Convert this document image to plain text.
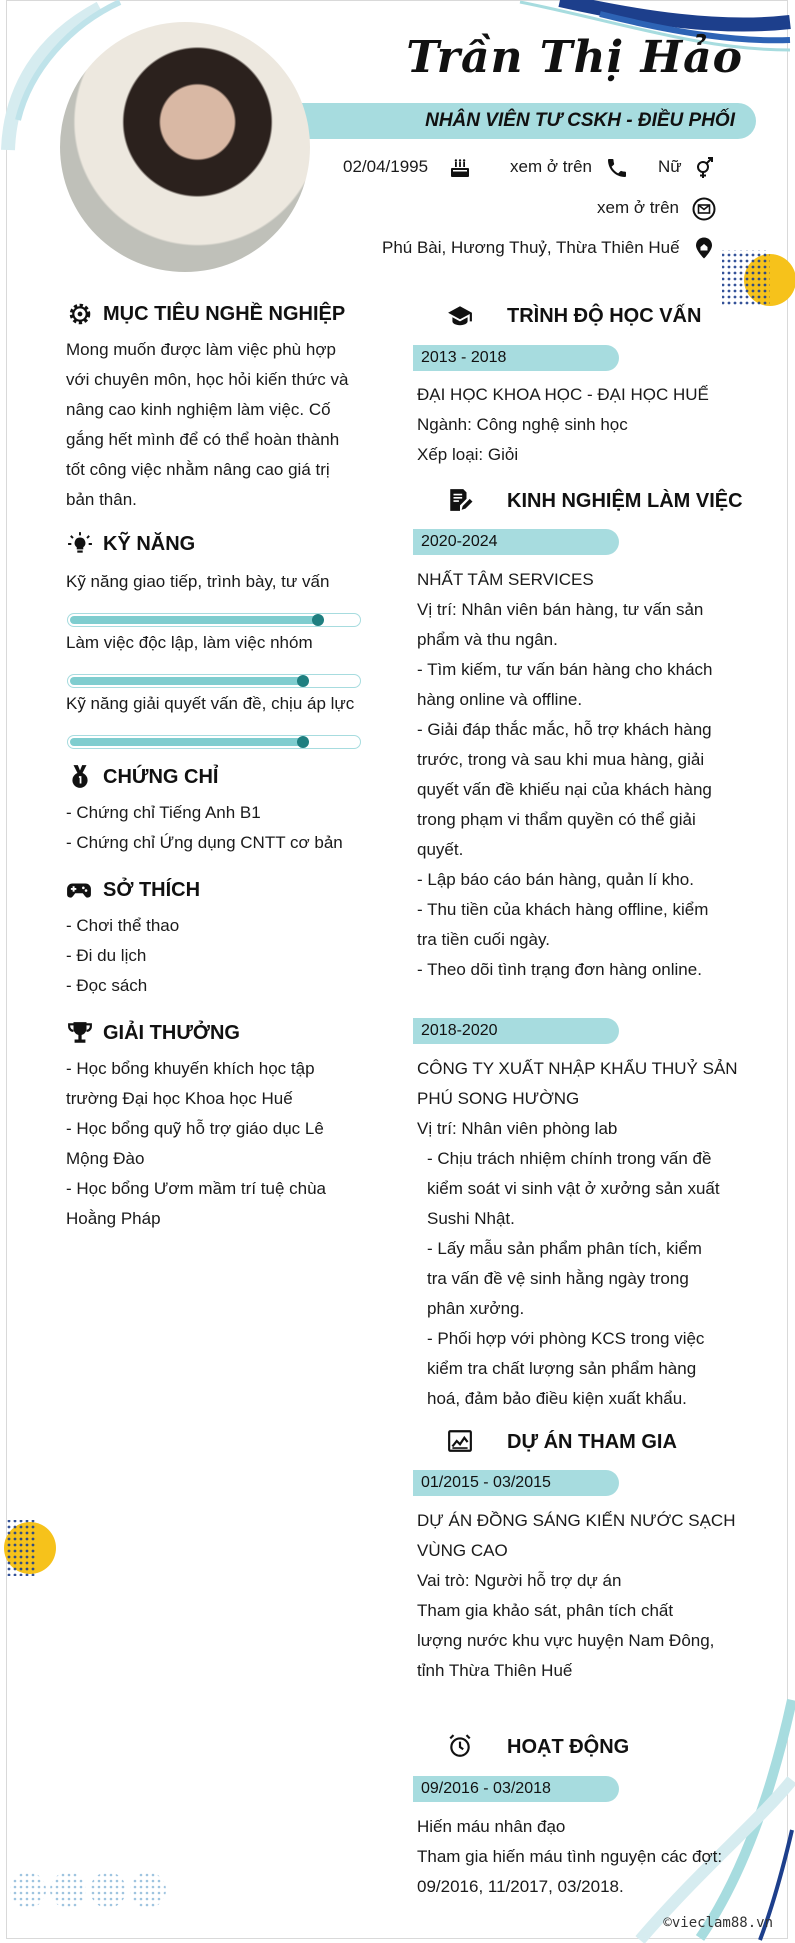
Trần Thị Hảo
NHÂN VIÊN TƯ CSKH - ĐIỀU PHỐI
02/04/1995	xem ở trên	Nữ
xem ở trên
Phú Bài, Hương Thuỷ, Thừa Thiên Huế
MỤC TIÊU NGHỀ NGHIỆP
Mong muốn được làm việc phù hợp
với chuyên môn, học hỏi kiến thức và
nâng cao kinh nghiệm làm việc. Cố
gắng hết mình để có thể hoàn thành
tốt công việc nhằm nâng cao giá trị
bản thân.
KỸ NĂNG
Kỹ năng giao tiếp, trình bày, tư vấn
Làm việc độc lập, làm việc nhóm
Kỹ năng giải quyết vấn đề, chịu áp lực
CHỨNG CHỈ
- Chứng chỉ Tiếng Anh B1
- Chứng chỉ Ứng dụng CNTT cơ bản
SỞ THÍCH
- Chơi thể thao
- Đi du lịch
- Đọc sách
GIẢI THƯỞNG
- Học bổng khuyến khích học tập
trường Đại học Khoa học Huế
- Học bổng quỹ hỗ trợ giáo dục Lê
Mộng Đào
- Học bổng Ươm mầm trí tuệ chùa
Hoằng Pháp
TRÌNH ĐỘ HỌC VẤN
2013 - 2018
ĐẠI HỌC KHOA HỌC - ĐẠI HỌC HUẾ
Ngành: Công nghệ sinh học
Xếp loại: Giỏi
KINH NGHIỆM LÀM VIỆC
2020-2024
NHẤT TÂM SERVICES
Vị trí: Nhân viên bán hàng, tư vấn sản
phẩm và thu ngân.
- Tìm kiếm, tư vấn bán hàng cho khách
hàng online và offline.
- Giải đáp thắc mắc, hỗ trợ khách hàng
trước, trong và sau khi mua hàng, giải
quyết vấn đề khiếu nại của khách hàng
trong phạm vi thẩm quyền có thể giải
quyết.
- Lập báo cáo bán hàng, quản lí kho.
- Thu tiền của khách hàng offline, kiểm
tra tiền cuối ngày.
- Theo dõi tình trạng đơn hàng online.
2018-2020
CÔNG TY XUẤT NHẬP KHẨU THUỶ SẢN
PHÚ SONG HƯỜNG
Vị trí: Nhân viên phòng lab
- Chịu trách nhiệm chính trong vấn đề
kiểm soát vi sinh vật ở xưởng sản xuất
Sushi Nhật.
- Lấy mẫu sản phẩm phân tích, kiểm
tra vấn đề vệ sinh hằng ngày trong
phân xưởng.
- Phối hợp với phòng KCS trong việc
kiểm tra chất lượng sản phẩm hàng
hoá, đảm bảo điều kiện xuất khẩu.
DỰ ÁN THAM GIA
01/2015 - 03/2015
DỰ ÁN ĐỒNG SÁNG KIẾN NƯỚC SẠCH
VÙNG CAO
Vai trò: Người hỗ trợ dự án
Tham gia khảo sát, phân tích chất
lượng nước khu vực huyện Nam Đông,
tỉnh Thừa Thiên Huế
HOẠT ĐỘNG
09/2016 - 03/2018
Hiến máu nhân đạo
Tham gia hiến máu tình nguyện các đợt:
09/2016, 11/2017, 03/2018.
©vieclam88.vn
